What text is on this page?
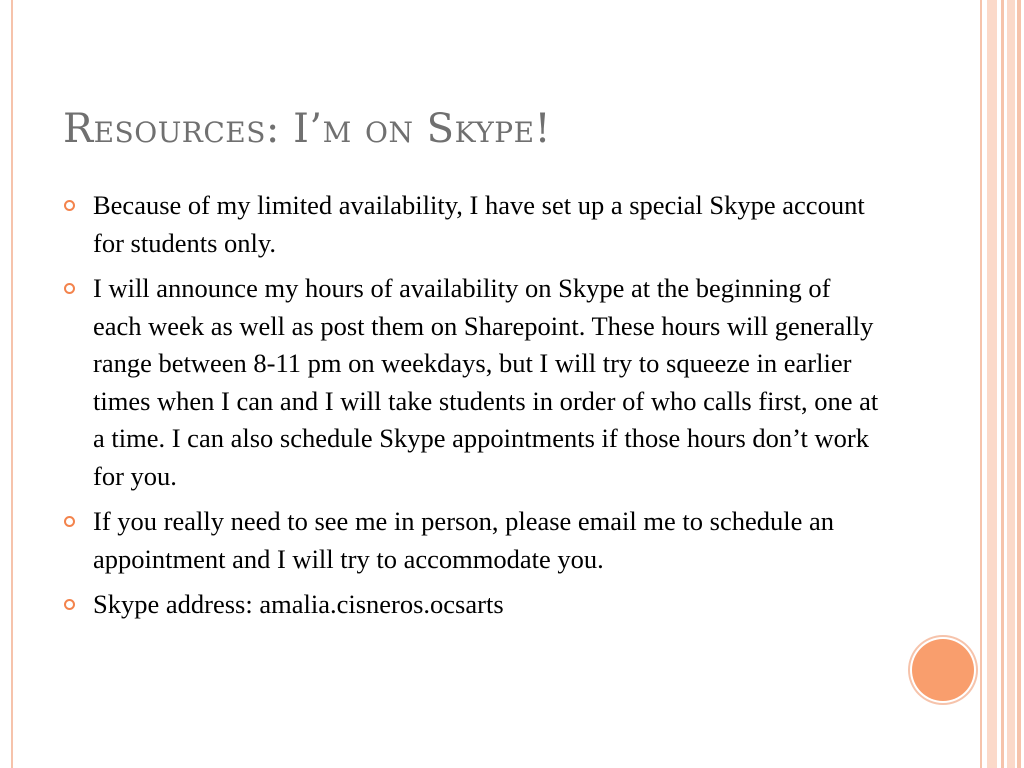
Resources: I’m on Skype!
Because of my limited availability, I have set up a special Skype account for students only.
I will announce my hours of availability on Skype at the beginning of each week as well as post them on Sharepoint. These hours will generally range between 8-11 pm on weekdays, but I will try to squeeze in earlier times when I can and I will take students in order of who calls first, one at a time. I can also schedule Skype appointments if those hours don’t work for you.
If you really need to see me in person, please email me to schedule an appointment and I will try to accommodate you.
Skype address: amalia.cisneros.ocsarts
